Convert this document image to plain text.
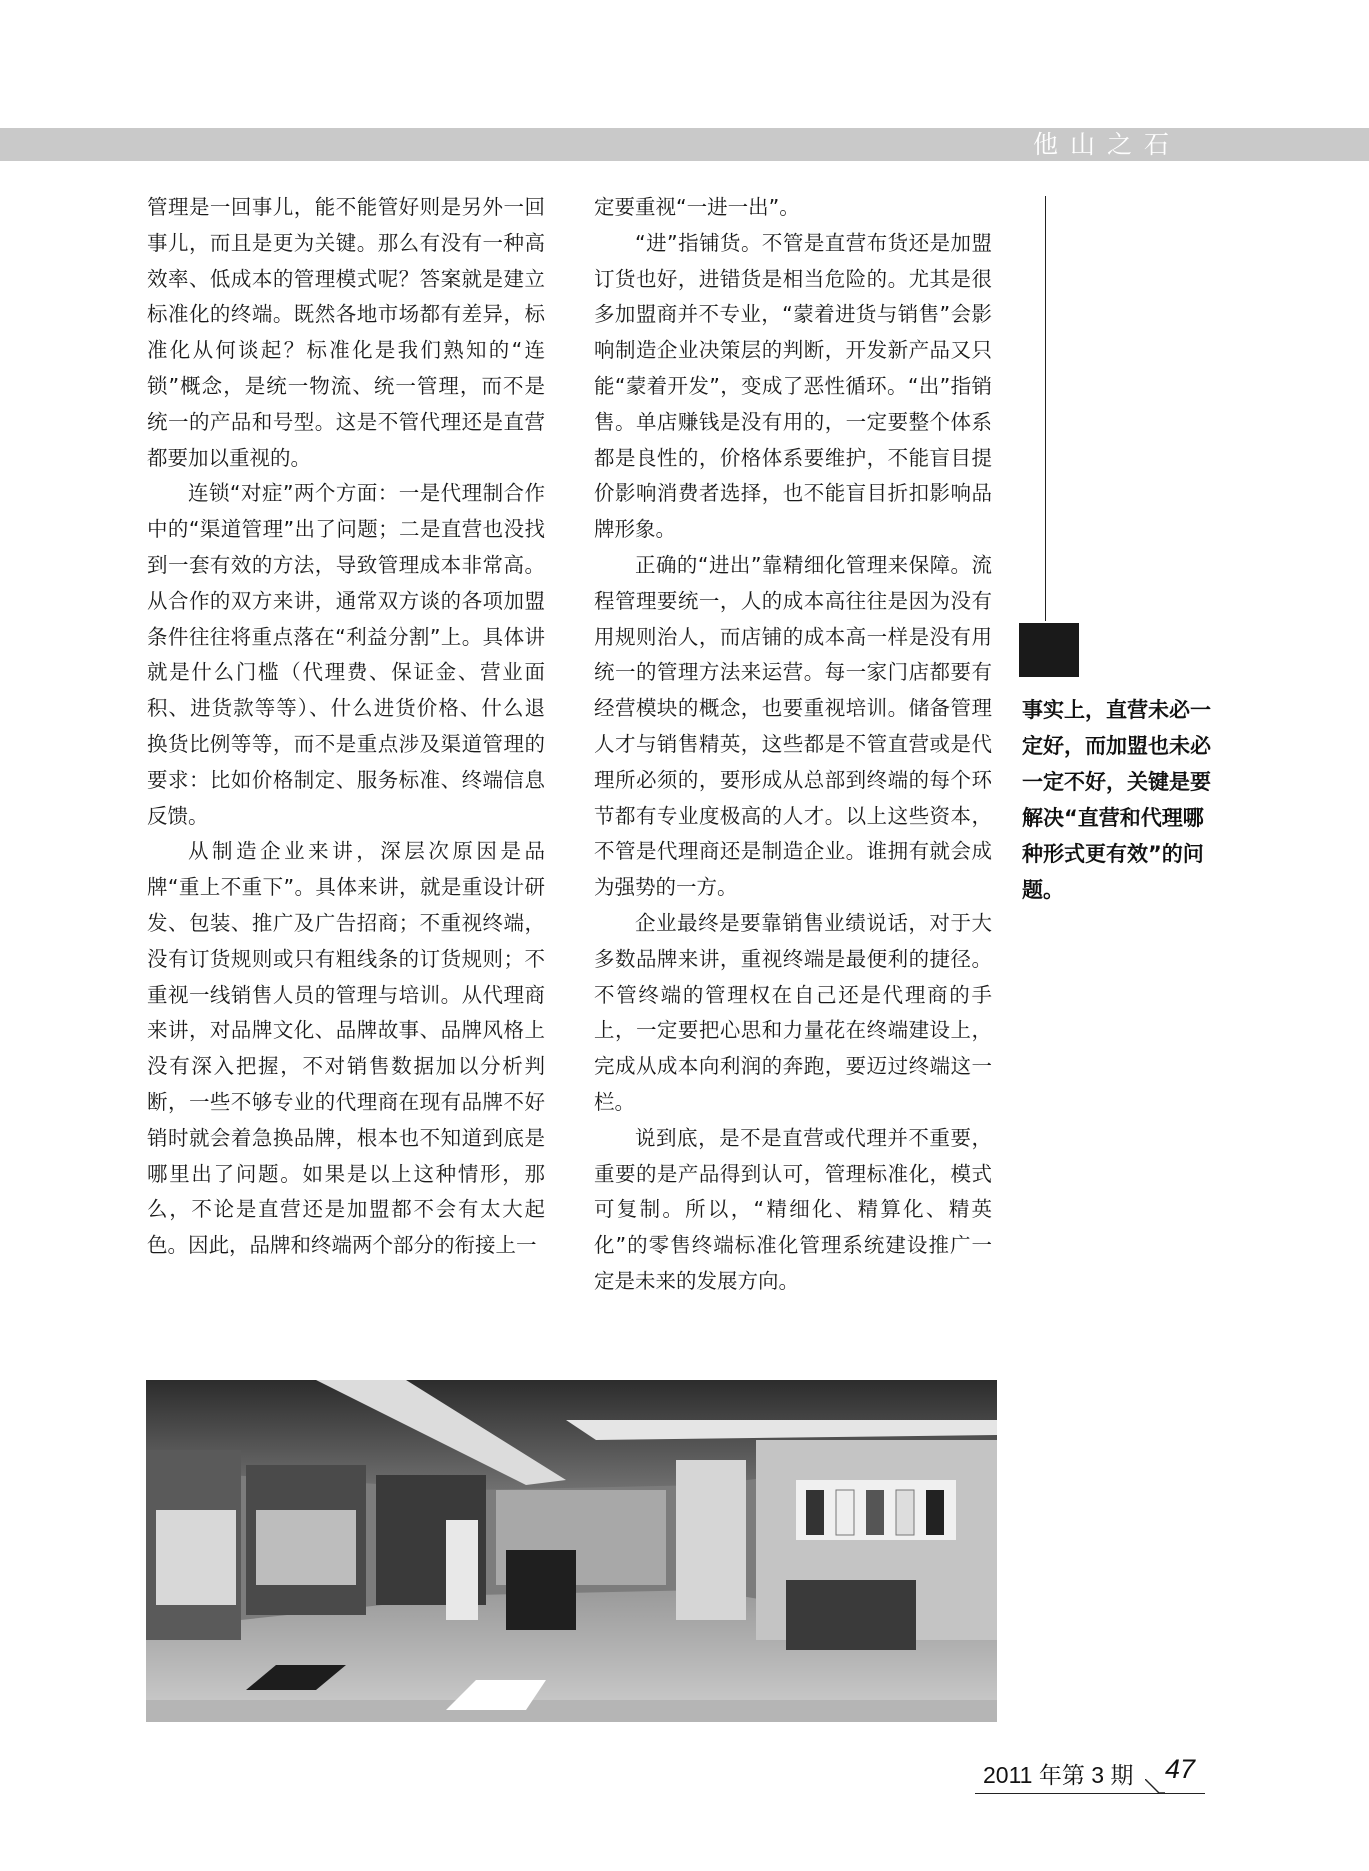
他山之石

管理是一回事儿，能不能管好则是另外一回事儿，而且是更为关键。那么有没有一种高效率、低成本的管理模式呢？答案就是建立标准化的终端。既然各地市场都有差异，标准化从何谈起？标准化是我们熟知的“连锁”概念，是统一物流、统一管理，而不是统一的产品和号型。这是不管代理还是直营都要加以重视的。

连锁“对症”两个方面：一是代理制合作中的“渠道管理”出了问题；二是直营也没找到一套有效的方法，导致管理成本非常高。从合作的双方来讲，通常双方谈的各项加盟条件往往将重点落在“利益分割”上。具体讲就是什么门槛（代理费、保证金、营业面积、进货款等等）、什么进货价格、什么退换货比例等等，而不是重点涉及渠道管理的要求：比如价格制定、服务标准、终端信息反馈。

从制造企业来讲，深层次原因是品牌“重上不重下”。具体来讲，就是重设计研发、包装、推广及广告招商；不重视终端，没有订货规则或只有粗线条的订货规则；不重视一线销售人员的管理与培训。从代理商来讲，对品牌文化、品牌故事、品牌风格上没有深入把握，不对销售数据加以分析判断，一些不够专业的代理商在现有品牌不好销时就会着急换品牌，根本也不知道到底是哪里出了问题。如果是以上这种情形，那么，不论是直营还是加盟都不会有太大起色。因此，品牌和终端两个部分的衔接上一

定要重视“一进一出”。

“进”指铺货。不管是直营布货还是加盟订货也好，进错货是相当危险的。尤其是很多加盟商并不专业，“蒙着进货与销售”会影响制造企业决策层的判断，开发新产品又只能“蒙着开发”，变成了恶性循环。“出”指销售。单店赚钱是没有用的，一定要整个体系都是良性的，价格体系要维护，不能盲目提价影响消费者选择，也不能盲目折扣影响品牌形象。

正确的“进出”靠精细化管理来保障。流程管理要统一，人的成本高往往是因为没有用规则治人，而店铺的成本高一样是没有用统一的管理方法来运营。每一家门店都要有经营模块的概念，也要重视培训。储备管理人才与销售精英，这些都是不管直营或是代理所必须的，要形成从总部到终端的每个环节都有专业度极高的人才。以上这些资本，不管是代理商还是制造企业。谁拥有就会成为强势的一方。

企业最终是要靠销售业绩说话，对于大多数品牌来讲，重视终端是最便利的捷径。不管终端的管理权在自己还是代理商的手上，一定要把心思和力量花在终端建设上，完成从成本向利润的奔跑，要迈过终端这一栏。

说到底，是不是直营或代理并不重要，重要的是产品得到认可，管理标准化，模式可复制。所以，“精细化、精算化、精英化”的零售终端标准化管理系统建设推广一定是未来的发展方向。

事实上，直营未必一定好，而加盟也未必一定不好，关键是要解决“直营和代理哪种形式更有效”的问题。
2011 年第 3 期 47
